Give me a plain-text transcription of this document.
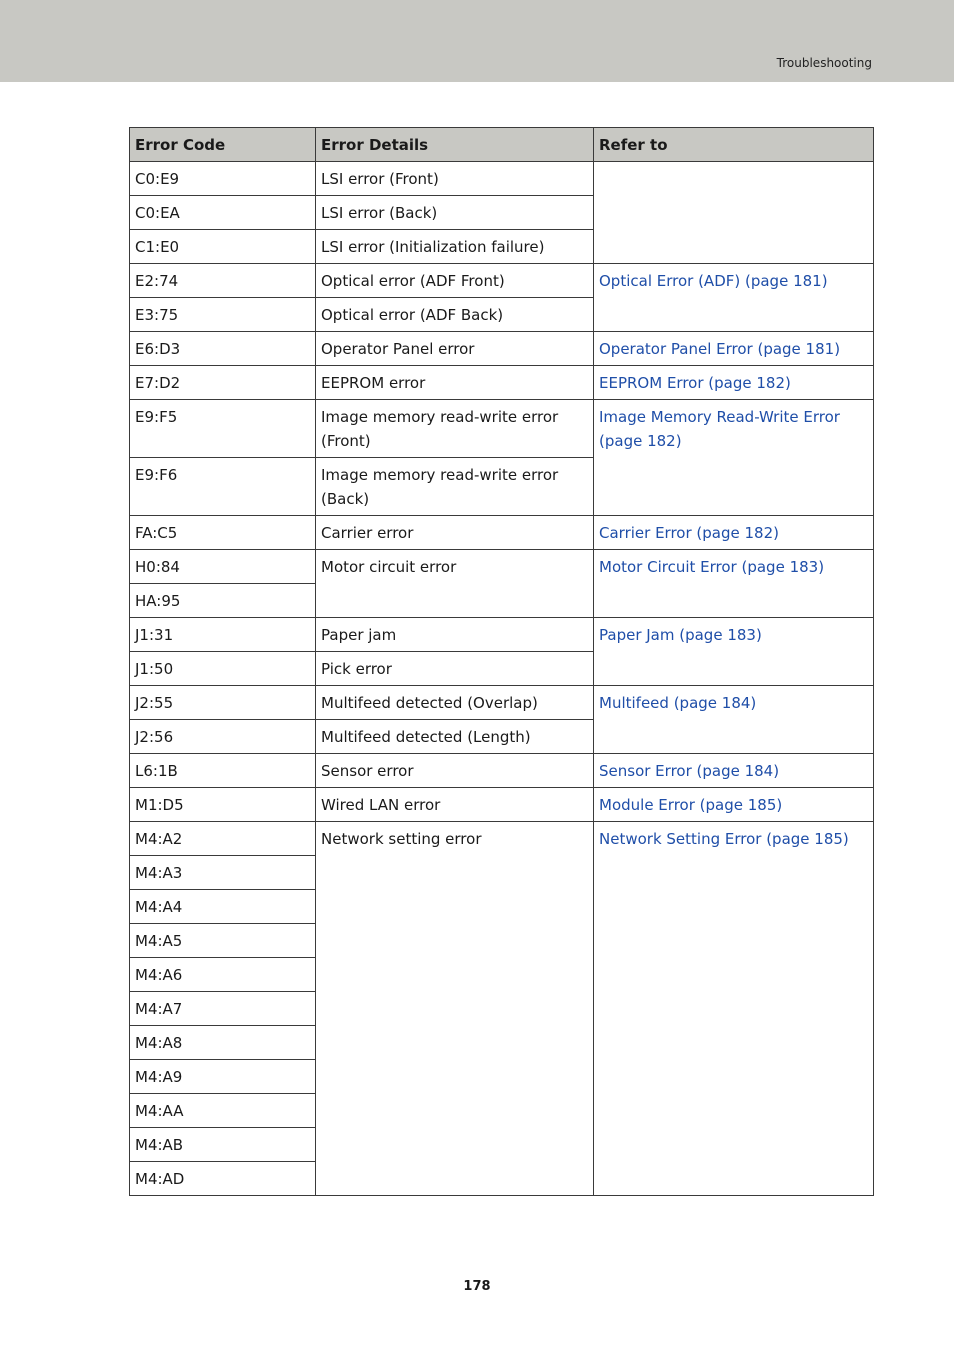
Troubleshooting
Error Code	Error Details	Refer to
C0:E9	LSI error (Front)	
C0:EA	LSI error (Back)	
C1:E0	LSI error (Initialization failure)	
E2:74	Optical error (ADF Front)	Optical Error (ADF) (page 181)
E3:75	Optical error (ADF Back)	
E6:D3	Operator Panel error	Operator Panel Error (page 181)
E7:D2	EEPROM error	EEPROM Error (page 182)
E9:F5	Image memory read-write error (Front)	Image Memory Read-Write Error (page 182)
E9:F6	Image memory read-write error (Back)	
FA:C5	Carrier error	Carrier Error (page 182)
H0:84	Motor circuit error	Motor Circuit Error (page 183)
HA:95		
J1:31	Paper jam	Paper Jam (page 183)
J1:50	Pick error	
J2:55	Multifeed detected (Overlap)	Multifeed (page 184)
J2:56	Multifeed detected (Length)	
L6:1B	Sensor error	Sensor Error (page 184)
M1:D5	Wired LAN error	Module Error (page 185)
M4:A2	Network setting error	Network Setting Error (page 185)
M4:A3		
M4:A4		
M4:A5		
M4:A6		
M4:A7		
M4:A8		
M4:A9		
M4:AA		
M4:AB		
M4:AD		
178
